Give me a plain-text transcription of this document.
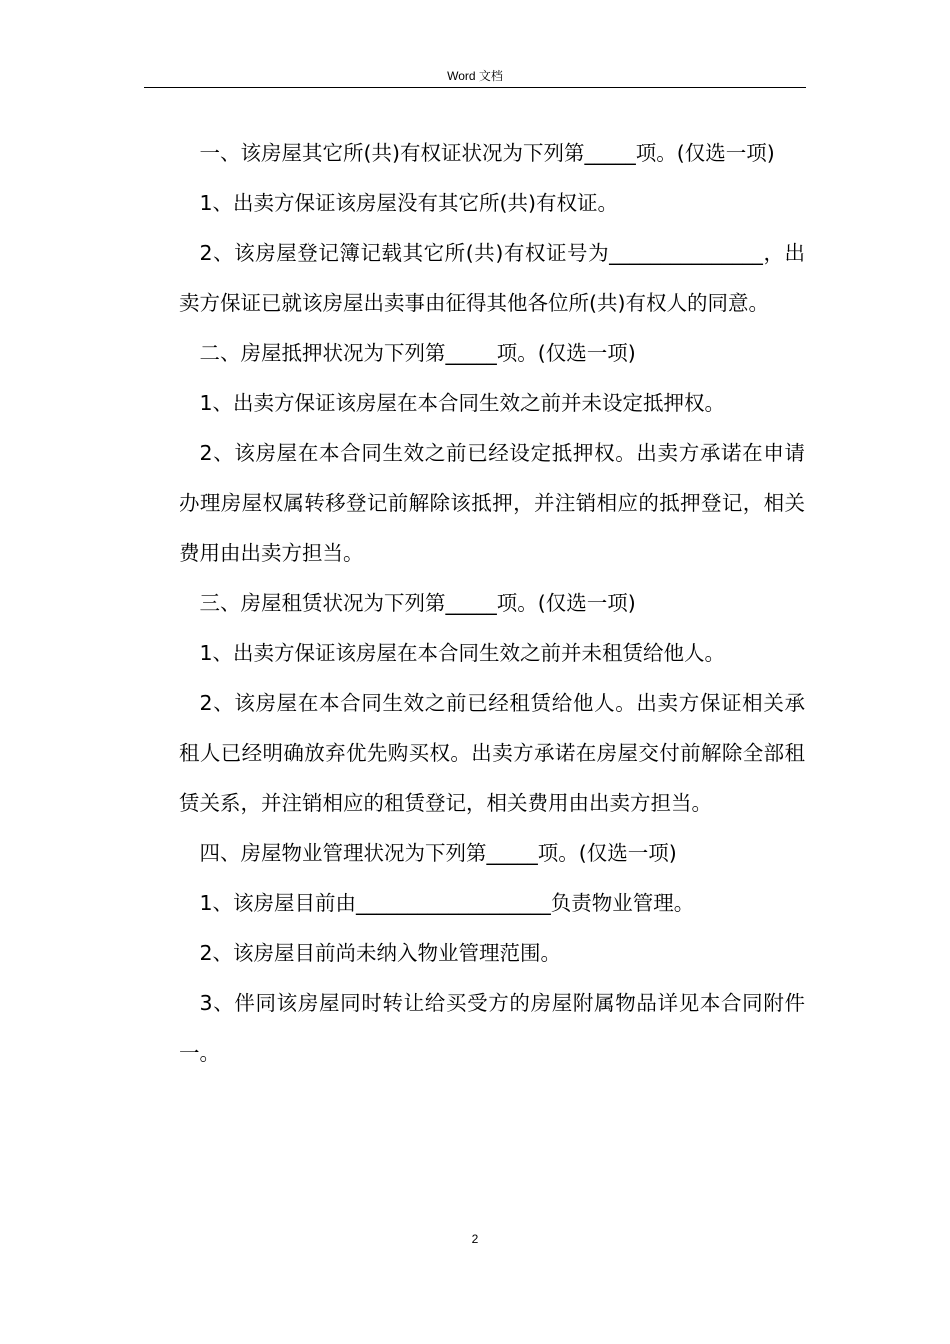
Word 文档

一、该房屋其它所(共)有权证状况为下列第_____项。(仅选一项)

1、出卖方保证该房屋没有其它所(共)有权证。

2、该房屋登记簿记载其它所(共)有权证号为_______________，出卖方保证已就该房屋出卖事由征得其他各位所(共)有权人的同意。

二、房屋抵押状况为下列第_____项。(仅选一项)

1、出卖方保证该房屋在本合同生效之前并未设定抵押权。

2、该房屋在本合同生效之前已经设定抵押权。出卖方承诺在申请办理房屋权属转移登记前解除该抵押，并注销相应的抵押登记，相关费用由出卖方担当。

三、房屋租赁状况为下列第_____项。(仅选一项)

1、出卖方保证该房屋在本合同生效之前并未租赁给他人。

2、该房屋在本合同生效之前已经租赁给他人。出卖方保证相关承租人已经明确放弃优先购买权。出卖方承诺在房屋交付前解除全部租赁关系，并注销相应的租赁登记，相关费用由出卖方担当。

四、房屋物业管理状况为下列第_____项。(仅选一项)

1、该房屋目前由___________________负责物业管理。

2、该房屋目前尚未纳入物业管理范围。

3、伴同该房屋同时转让给买受方的房屋附属物品详见本合同附件一。

2
